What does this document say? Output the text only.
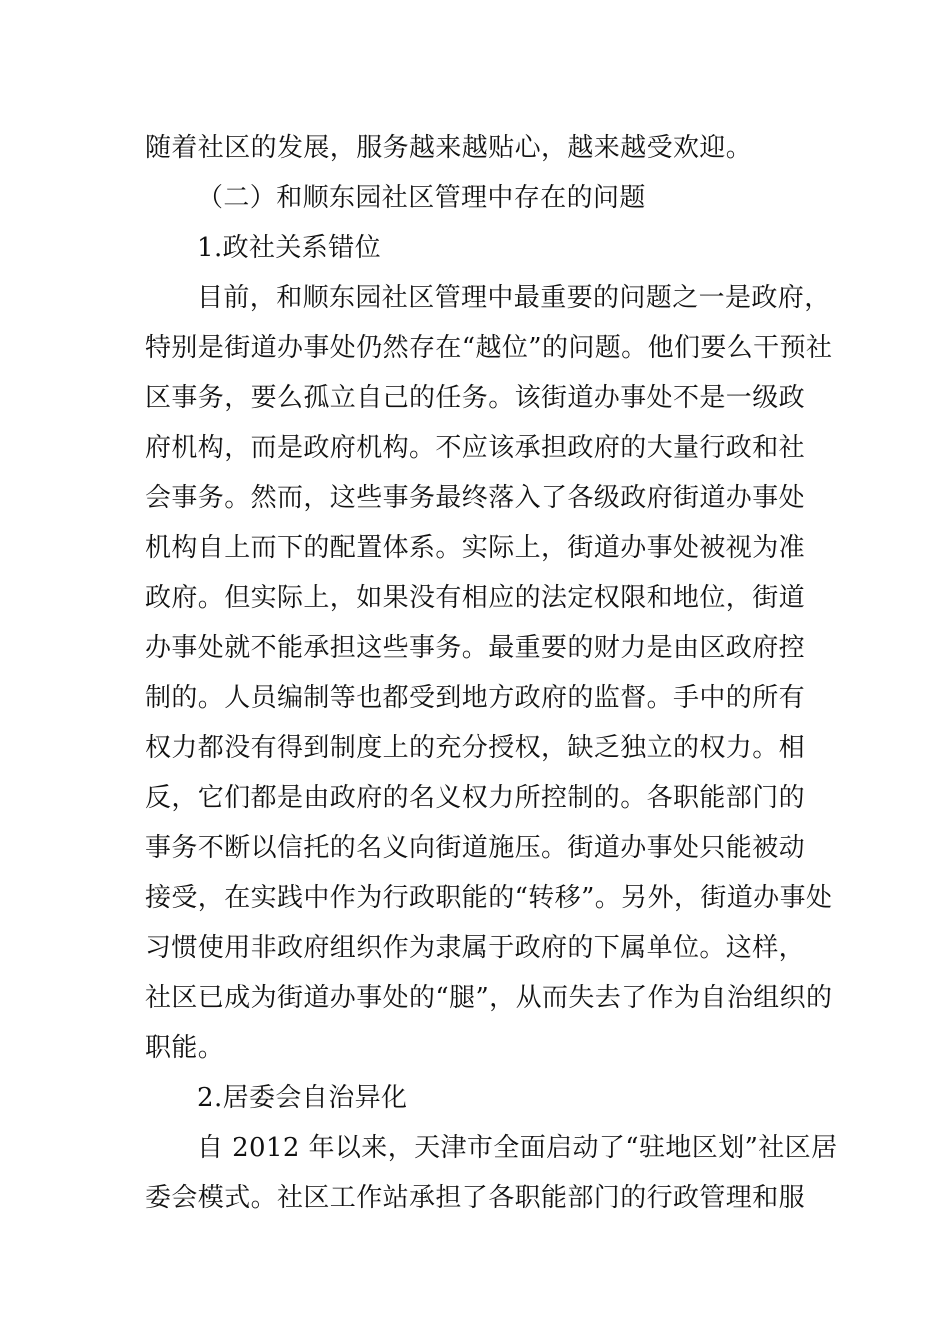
随着社区的发展，服务越来越贴心，越来越受欢迎。
（二）和顺东园社区管理中存在的问题
1.政社关系错位
目前，和顺东园社区管理中最重要的问题之一是政府，
特别是街道办事处仍然存在“越位”的问题。他们要么干预社
区事务，要么孤立自己的任务。该街道办事处不是一级政
府机构，而是政府机构。不应该承担政府的大量行政和社
会事务。然而，这些事务最终落入了各级政府街道办事处
机构自上而下的配置体系。实际上，街道办事处被视为准
政府。但实际上，如果没有相应的法定权限和地位，街道
办事处就不能承担这些事务。最重要的财力是由区政府控
制的。人员编制等也都受到地方政府的监督。手中的所有
权力都没有得到制度上的充分授权，缺乏独立的权力。相
反，它们都是由政府的名义权力所控制的。各职能部门的
事务不断以信托的名义向街道施压。街道办事处只能被动
接受，在实践中作为行政职能的“转移”。另外，街道办事处
习惯使用非政府组织作为隶属于政府的下属单位。这样，
社区已成为街道办事处的“腿”，从而失去了作为自治组织的
职能。
2.居委会自治异化
自 2012 年以来，天津市全面启动了“驻地区划”社区居
委会模式。社区工作站承担了各职能部门的行政管理和服
